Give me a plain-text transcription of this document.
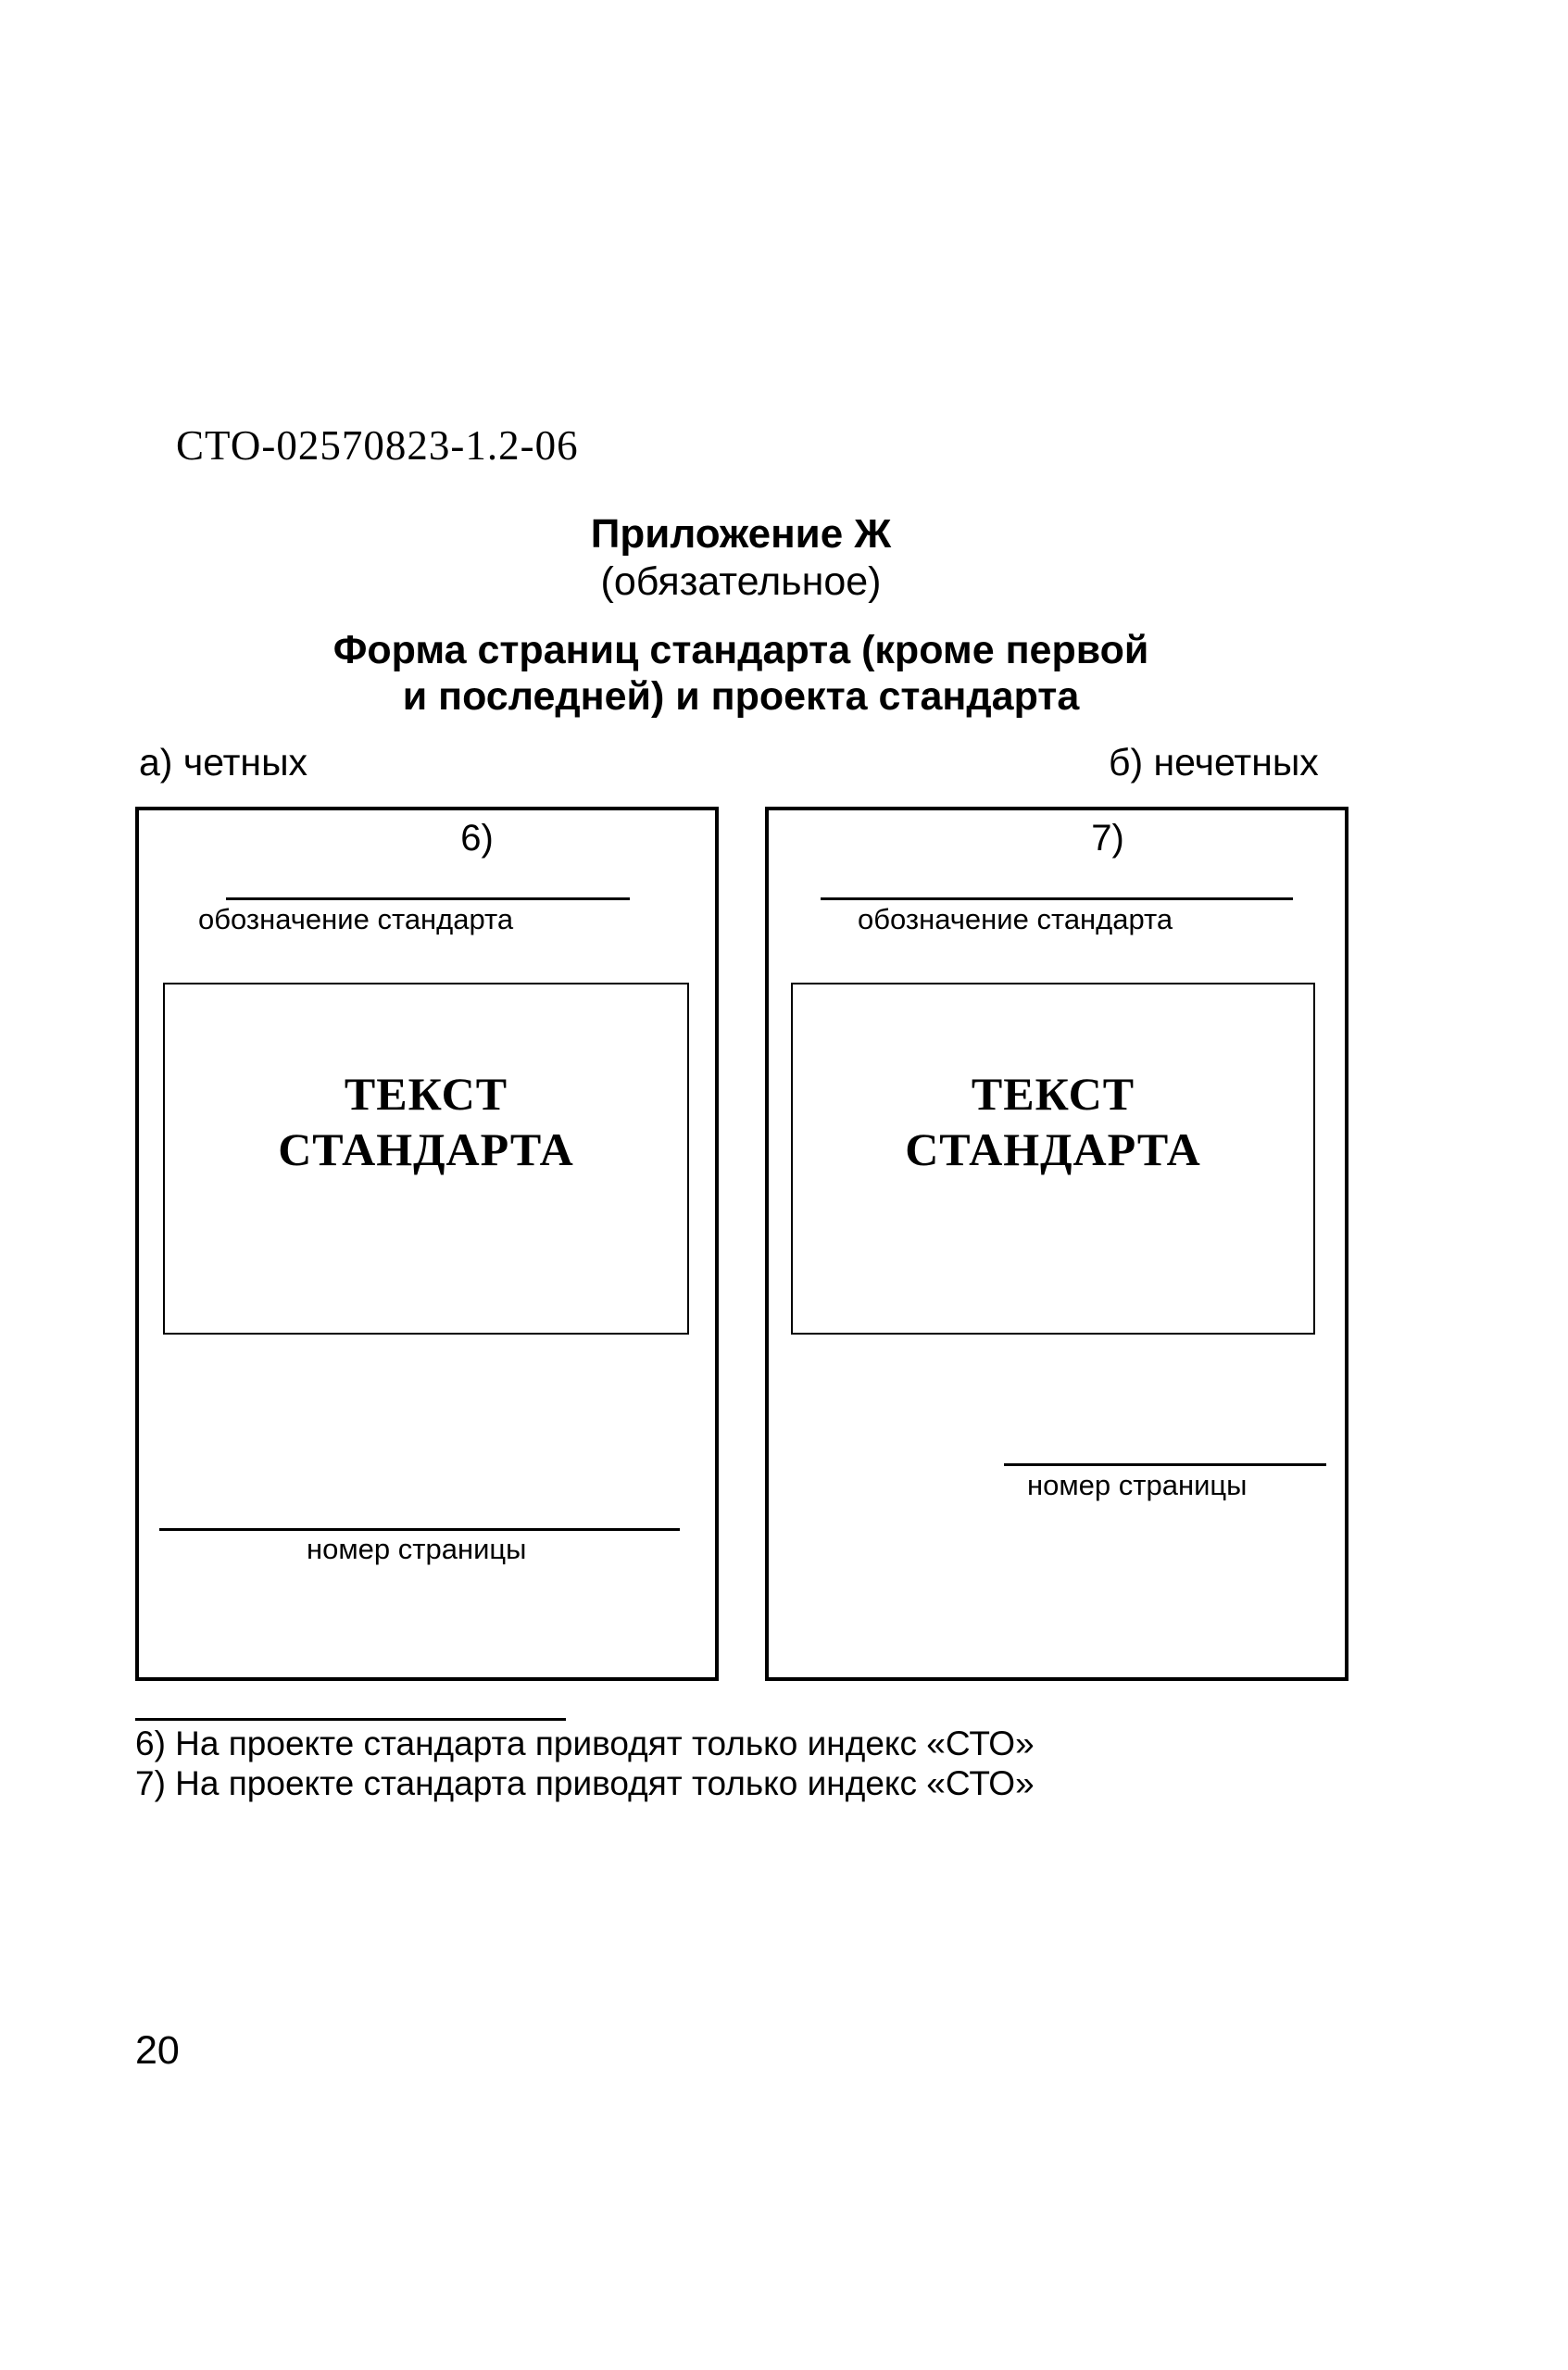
СТО-02570823-1.2-06
Приложение Ж
(обязательное)
Форма страниц стандарта (кроме первой
и последней) и проекта стандарта
а) четных	б) нечетных
6)
обозначение стандарта
ТЕКСТ
СТАНДАРТА
номер страницы
7)
обозначение стандарта
ТЕКСТ
СТАНДАРТА
номер страницы
6) На проекте стандарта приводят только индекс «СТО»
7) На проекте стандарта приводят только индекс «СТО»
20
